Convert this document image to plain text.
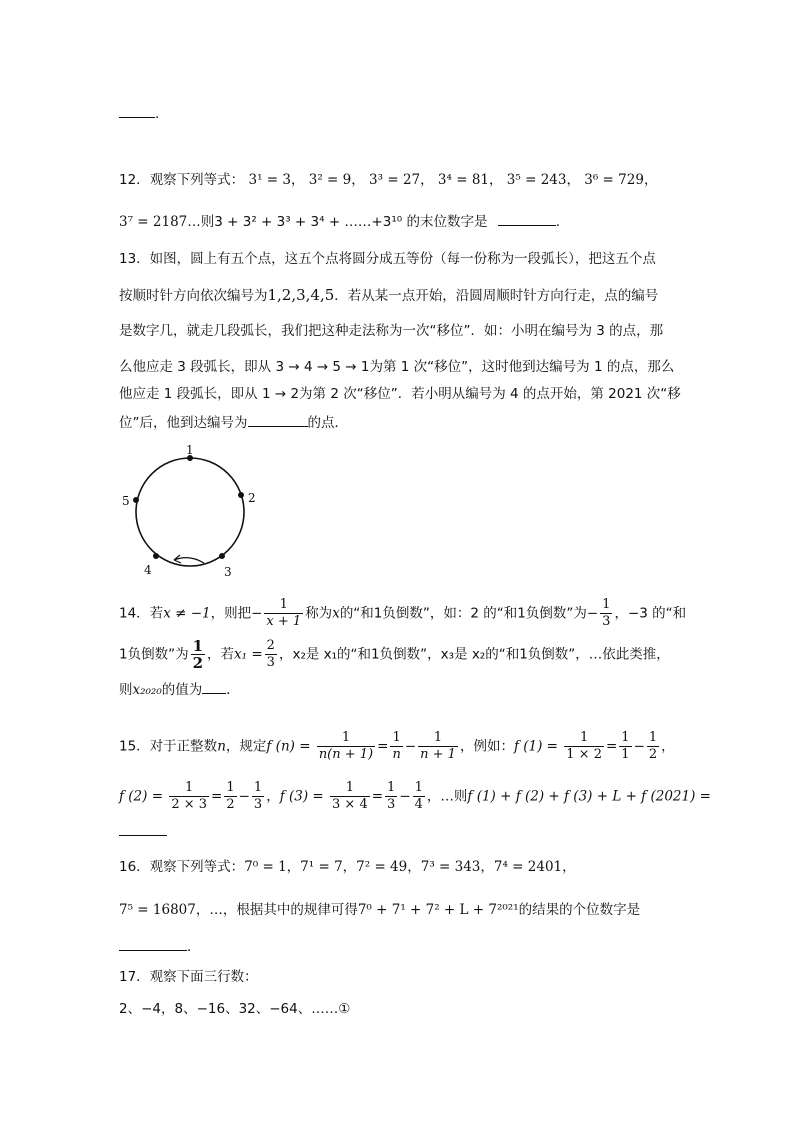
.
12．观察下列等式： 3¹ = 3， 3² = 9， 3³ = 27， 3⁴ = 81， 3⁵ = 243， 3⁶ = 729，
3⁷ = 2187…则3 + 3² + 3³ + 3⁴ + ……+3¹⁰ 的末位数字是	.
13．如图，圆上有五个点，这五个点将圆分成五等份（每一份称为一段弧长），把这五个点
按顺时针方向依次编号为1,2,3,4,5．若从某一点开始，沿圆周顺时针方向行走，点的编号
是数字几，就走几段弧长，我们把这种走法称为一次“移位”．如：小明在编号为 3 的点，那
么他应走 3 段弧长，即从 3 → 4 → 5 → 1为第 1 次“移位”，这时他到达编号为 1 的点，那么
他应走 1 段弧长，即从 1 → 2为第 2 次“移位”．若小明从编号为 4 的点开始，第 2021 次“移
位”后，他到达编号为	的点．
1
2
3
4
5
14．若x ≠ −1，则把− $\frac{1}{x + 1}$ 称为x的“和1负倒数”，如：2 的“和1负倒数”为− $\frac{1}{3}$ ，−3 的“和
1负倒数”为 $\frac{1}{2}$ ，若$x_1 = \frac{2}{3}$ ，x₂是 x₁的“和1负倒数”，x₃是 x₂的“和1负倒数”，…依此类推，
则x₂₀₂₀的值为 ．
15．对于正整数n，规定f $(n) = \frac{1}{n(n + 1)} = \frac{1}{n} - \frac{1}{n + 1}$ ，例如：f $(1) = \frac{1}{1 \times 2} = \frac{1}{1} - \frac{1}{2}$ ，
f $(2) = \frac{1}{2 \times 3} = \frac{1}{2} - \frac{1}{3}$ ，f $(3) = \frac{1}{3 \times 4} = \frac{1}{3} - \frac{1}{4}$ ，…则f (1) + f (2) + f (3) + L + f (2021) =
16．观察下列等式：7⁰ = 1，7¹ = 7，7² = 49，7³ = 343，7⁴ = 2401，
7⁵ = 16807，…，根据其中的规律可得7⁰ + 7¹ + 7² + L + 7²⁰²¹的结果的个位数字是
．
17．观察下面三行数：
2、−4，8、−16、32、−64、……①
